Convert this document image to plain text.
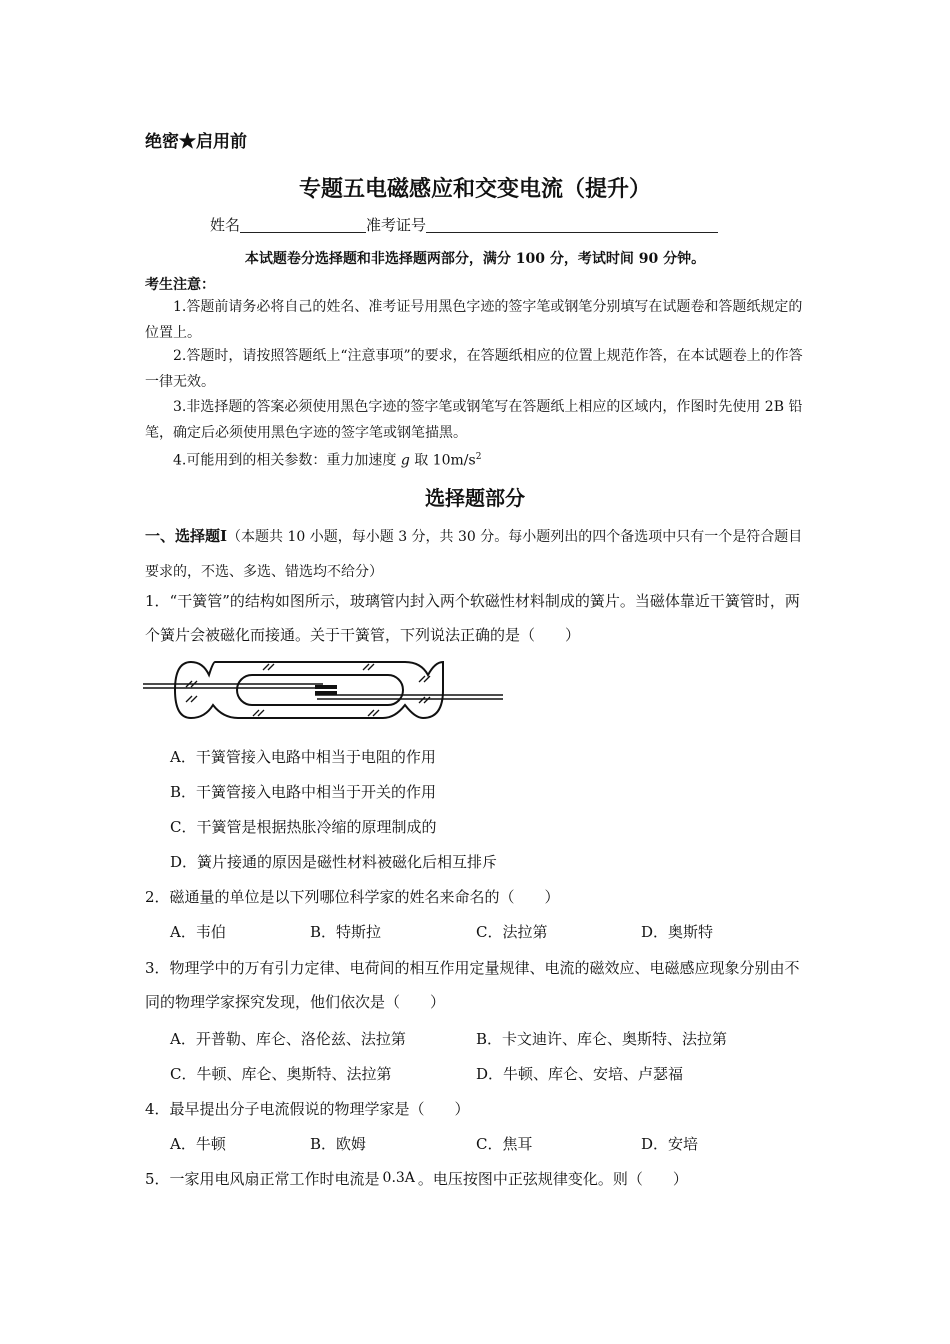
绝密★启用前
专题五电磁感应和交变电流（提升）
姓名	准考证号
本试题卷分选择题和非选择题两部分，满分 100 分，考试时间 90 分钟。
考生注意：
1.答题前请务必将自己的姓名、准考证号用黑色字迹的签字笔或钢笔分别填写在试题卷和答题纸规定的位置上。
2.答题时，请按照答题纸上“注意事项”的要求，在答题纸相应的位置上规范作答，在本试题卷上的作答一律无效。
3.非选择题的答案必须使用黑色字迹的签字笔或钢笔写在答题纸上相应的区域内，作图时先使用 2B 铅笔，确定后必须使用黑色字迹的签字笔或钢笔描黑。
4.可能用到的相关参数：重力加速度 g 取 $10m/s^2$
选择题部分
一、选择题Ⅰ（本题共 10 小题，每小题 3 分，共 30 分。每小题列出的四个备选项中只有一个是符合题目要求的，不选、多选、错选均不给分）
1．“干簧管”的结构如图所示，玻璃管内封入两个软磁性材料制成的簧片。当磁体靠近干簧管时，两个簧片会被磁化而接通。关于干簧管，下列说法正确的是（　　）
A．干簧管接入电路中相当于电阻的作用
B．干簧管接入电路中相当于开关的作用
C．干簧管是根据热胀冷缩的原理制成的
D．簧片接通的原因是磁性材料被磁化后相互排斥
2．磁通量的单位是以下列哪位科学家的姓名来命名的（　　）
A．韦伯	B．特斯拉	C．法拉第	D．奥斯特
3．物理学中的万有引力定律、电荷间的相互作用定量规律、电流的磁效应、电磁感应现象分别由不同的物理学家探究发现，他们依次是（　　）
A．开普勒、库仑、洛伦兹、法拉第	B．卡文迪许、库仑、奥斯特、法拉第
C．牛顿、库仑、奥斯特、法拉第	D．牛顿、库仑、安培、卢瑟福
4．最早提出分子电流假说的物理学家是（　　）
A．牛顿	B．欧姆	C．焦耳	D．安培
5．一家用电风扇正常工作时电流是 0.3A 。电压按图中正弦规律变化。则（　　）
